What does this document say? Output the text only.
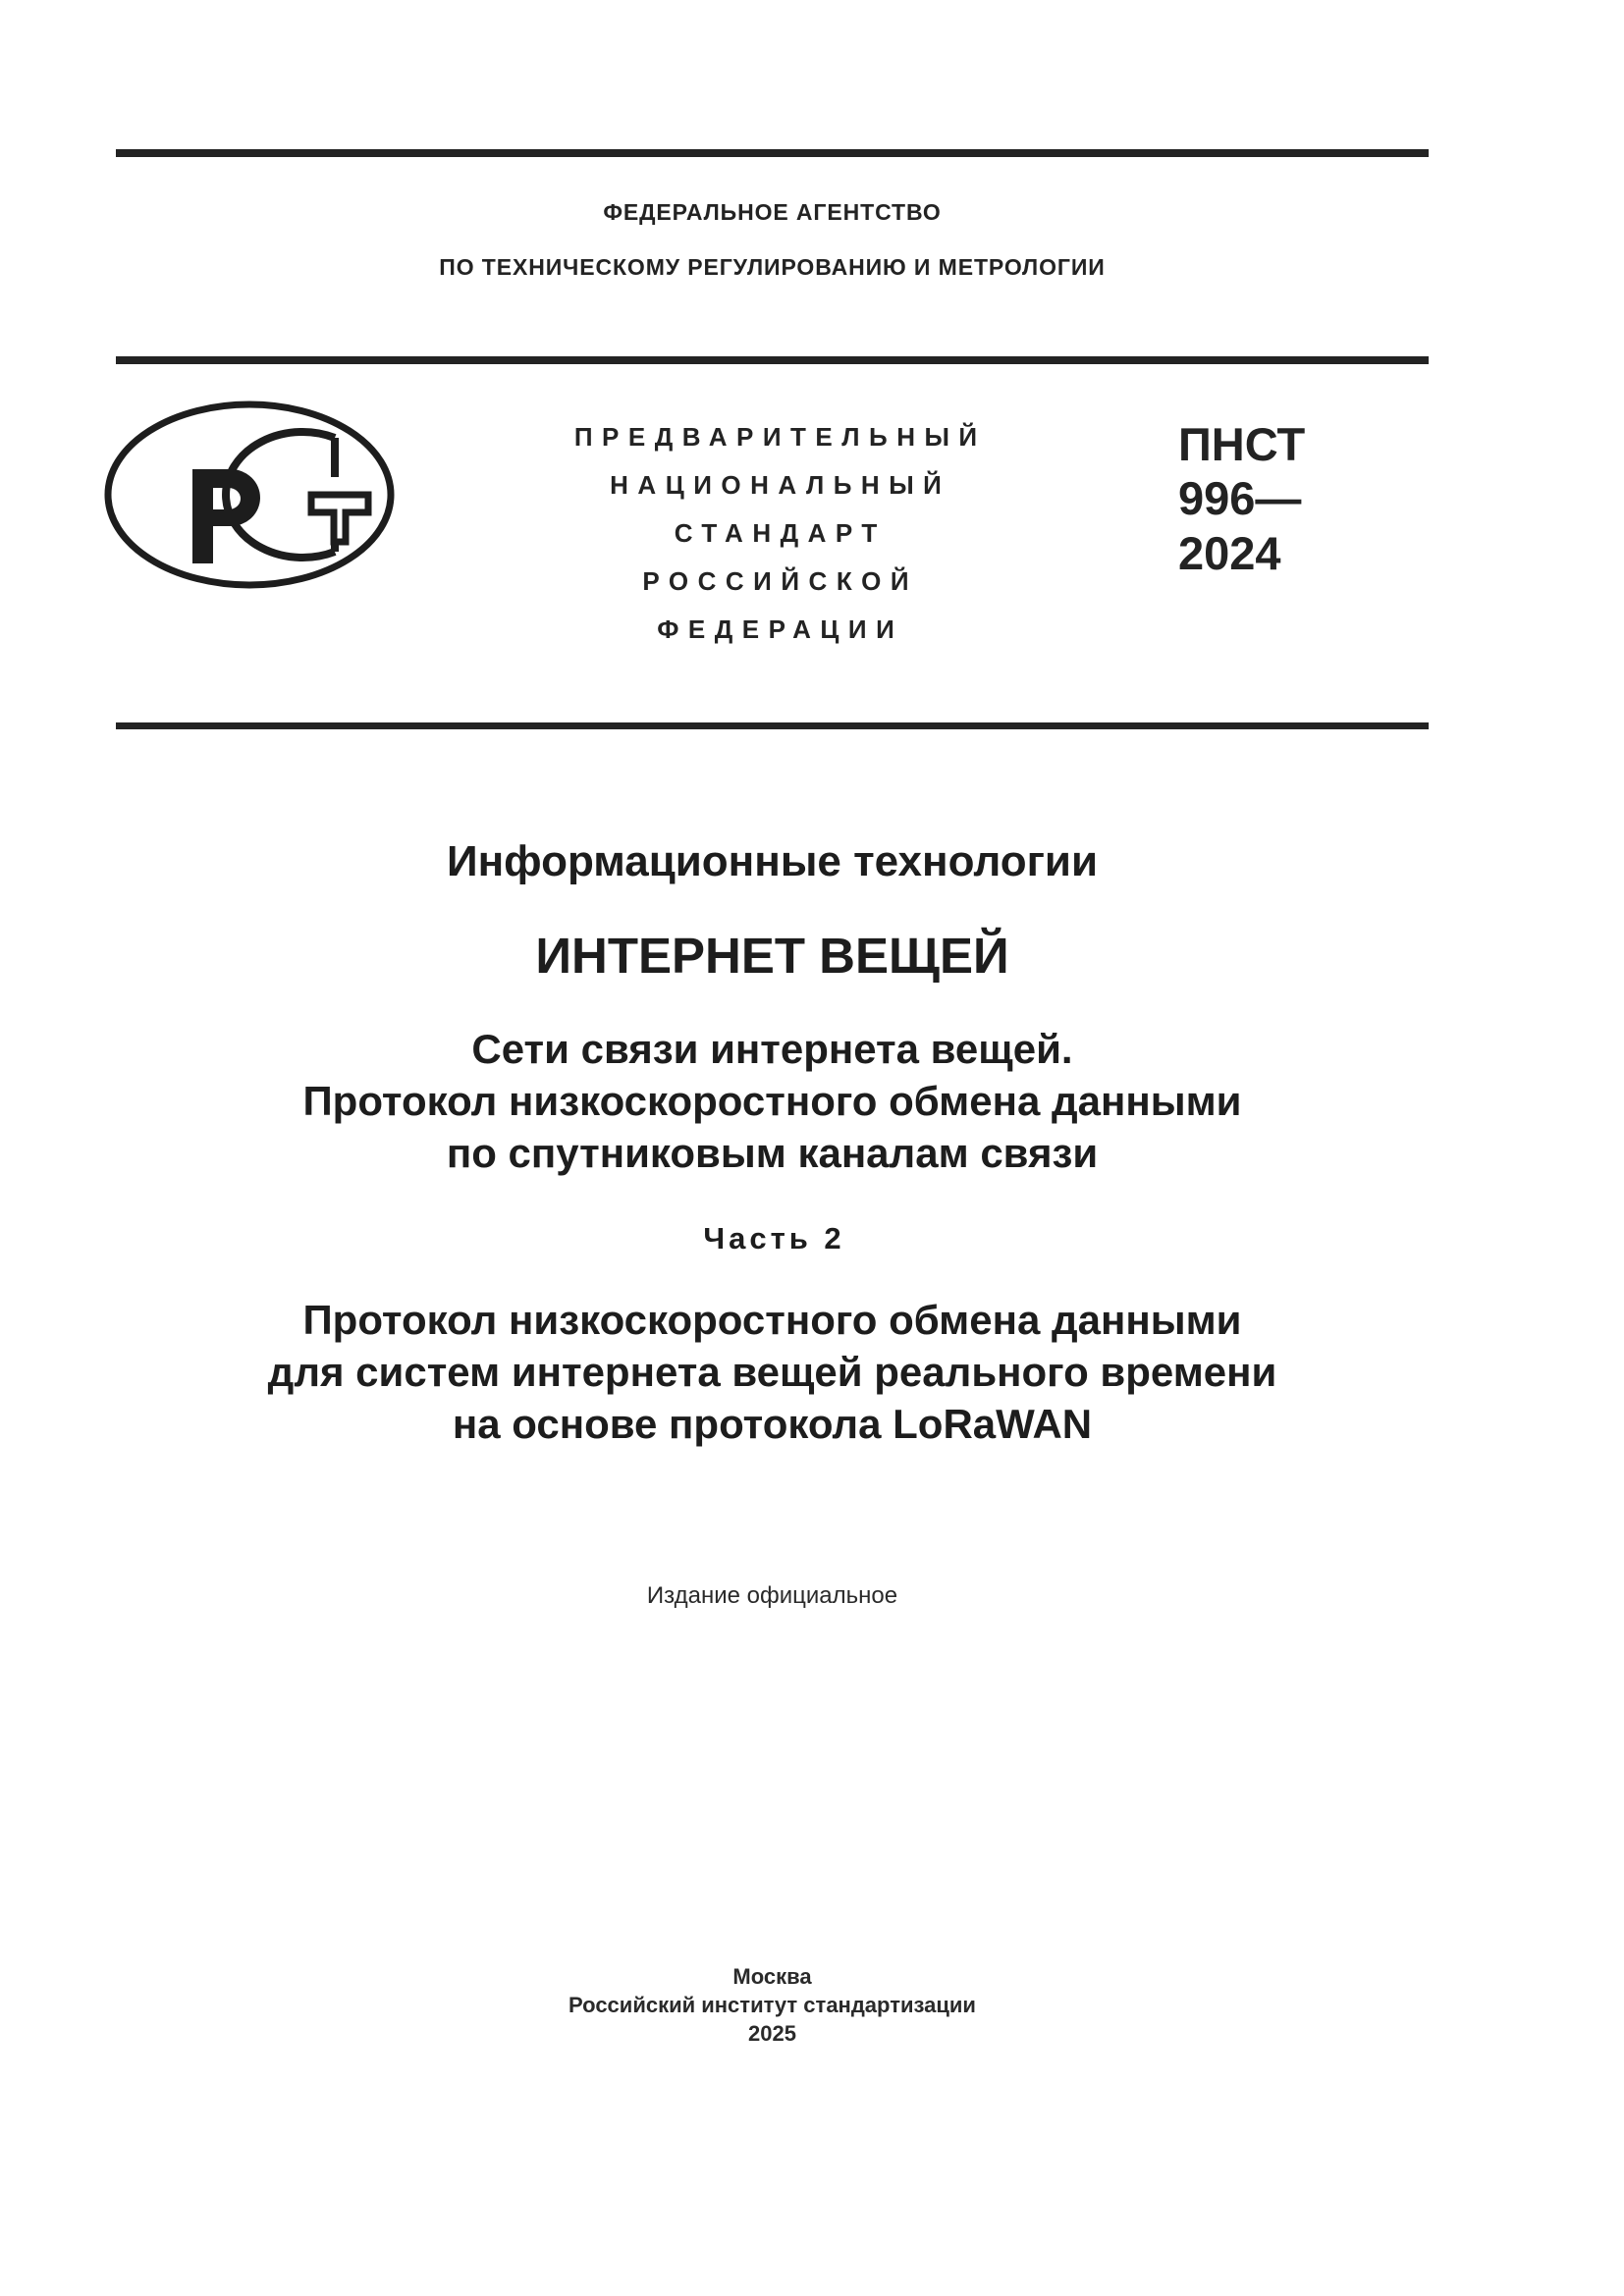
ФЕДЕРАЛЬНОЕ АГЕНТСТВО
ПО ТЕХНИЧЕСКОМУ РЕГУЛИРОВАНИЮ И МЕТРОЛОГИИ
ПРЕДВАРИТЕЛЬНЫЙ
НАЦИОНАЛЬНЫЙ
СТАНДАРТ
РОССИЙСКОЙ
ФЕДЕРАЦИИ
ПНСТ
996—
2024
Информационные технологии
ИНТЕРНЕТ ВЕЩЕЙ
Сети связи интернета вещей.
Протокол низкоскоростного обмена данными
по спутниковым каналам связи
Часть 2
Протокол низкоскоростного обмена данными
для систем интернета вещей реального времени
на основе протокола LoRaWAN
Издание официальное
Москва
Российский институт стандартизации
2025
